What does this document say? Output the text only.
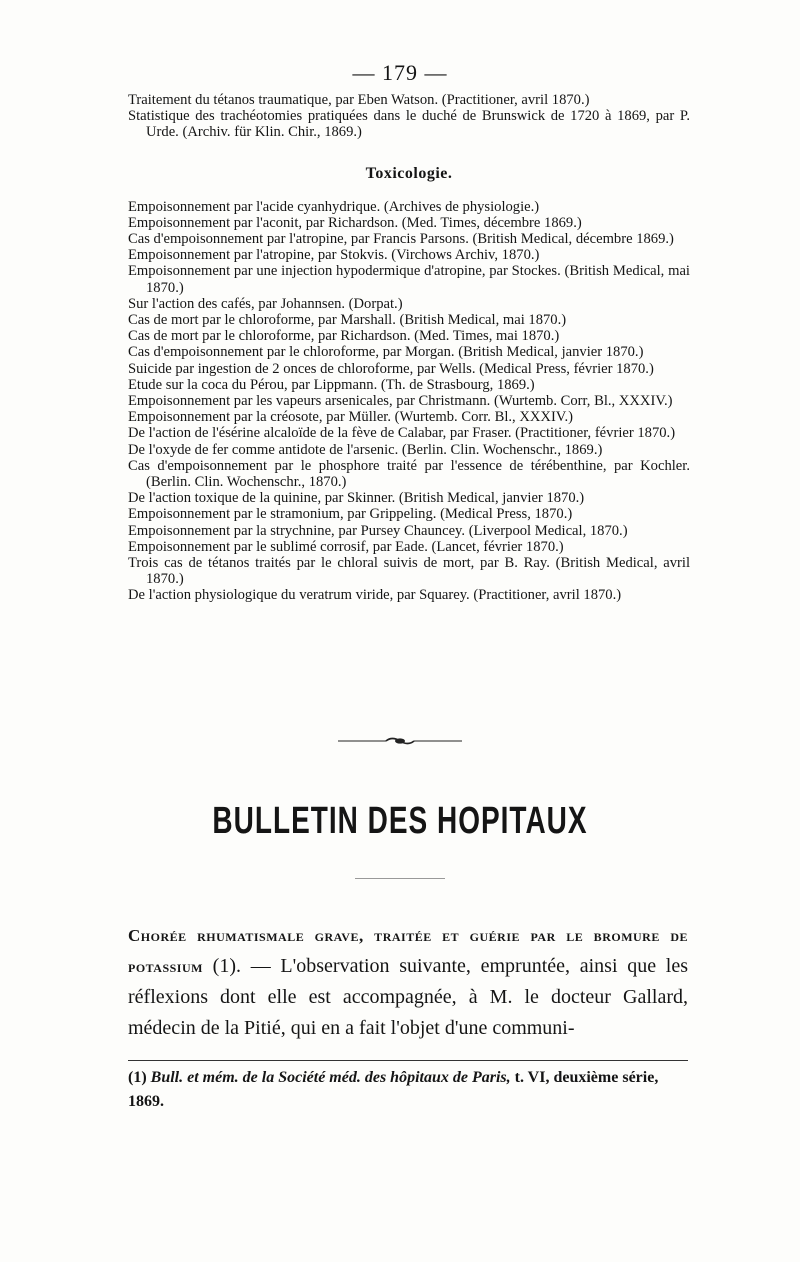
— 179 —
Traitement du tétanos traumatique, par Eben Watson. (Practitioner, avril 1870.)
Statistique des trachéotomies pratiquées dans le duché de Brunswick de 1720 à 1869, par P. Urde. (Archiv. für Klin. Chir., 1869.)
Toxicologie.
Empoisonnement par l'acide cyanhydrique. (Archives de physiologie.)
Empoisonnement par l'aconit, par Richardson. (Med. Times, décembre 1869.)
Cas d'empoisonnement par l'atropine, par Francis Parsons. (British Medical, décembre 1869.)
Empoisonnement par l'atropine, par Stokvis. (Virchows Archiv, 1870.)
Empoisonnement par une injection hypodermique d'atropine, par Stockes. (British Medical, mai 1870.)
Sur l'action des cafés, par Johannsen. (Dorpat.)
Cas de mort par le chloroforme, par Marshall. (British Medical, mai 1870.)
Cas de mort par le chloroforme, par Richardson. (Med. Times, mai 1870.)
Cas d'empoisonnement par le chloroforme, par Morgan. (British Medical, janvier 1870.)
Suicide par ingestion de 2 onces de chloroforme, par Wells. (Medical Press, février 1870.)
Etude sur la coca du Pérou, par Lippmann. (Th. de Strasbourg, 1869.)
Empoisonnement par les vapeurs arsenicales, par Christmann. (Wurtemb. Corr, Bl., XXXIV.)
Empoisonnement par la créosote, par Müller. (Wurtemb. Corr. Bl., XXXIV.)
De l'action de l'ésérine alcaloïde de la fève de Calabar, par Fraser. (Practitioner, février 1870.)
De l'oxyde de fer comme antidote de l'arsenic. (Berlin. Clin. Wochenschr., 1869.)
Cas d'empoisonnement par le phosphore traité par l'essence de térébenthine, par Kochler. (Berlin. Clin. Wochenschr., 1870.)
De l'action toxique de la quinine, par Skinner. (British Medical, janvier 1870.)
Empoisonnement par le stramonium, par Grippeling. (Medical Press, 1870.)
Empoisonnement par la strychnine, par Pursey Chauncey. (Liverpool Medical, 1870.)
Empoisonnement par le sublimé corrosif, par Eade. (Lancet, février 1870.)
Trois cas de tétanos traités par le chloral suivis de mort, par B. Ray. (British Medical, avril 1870.)
De l'action physiologique du veratrum viride, par Squarey. (Practitioner, avril 1870.)
BULLETIN DES HOPITAUX
Chorée rhumatismale grave, traitée et guérie par le bromure de potassium (1). — L'observation suivante, empruntée, ainsi que les réflexions dont elle est accompagnée, à M. le docteur Gallard, médecin de la Pitié, qui en a fait l'objet d'une communi-
(1) Bull. et mém. de la Société méd. des hôpitaux de Paris, t. VI, deuxième série, 1869.
